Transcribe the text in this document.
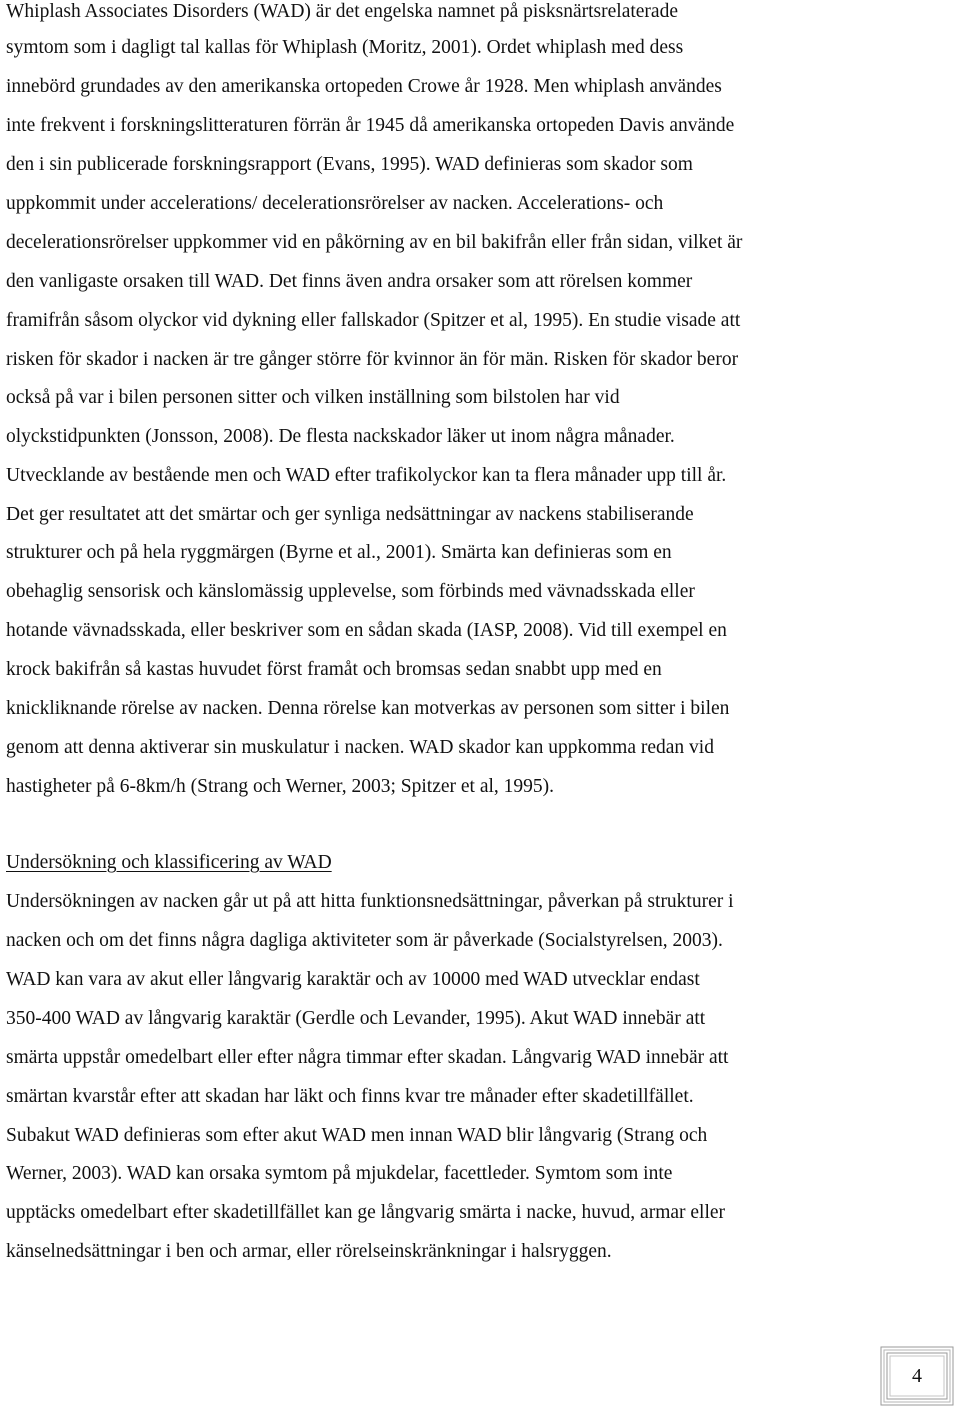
Whiplash Associates Disorders (WAD) är det engelska namnet på pisksnärtsrelaterade
symtom som i dagligt tal kallas för Whiplash (Moritz, 2001). Ordet whiplash med dess
innebörd grundades av den amerikanska ortopeden Crowe år 1928. Men whiplash användes
inte frekvent i forskningslitteraturen förrän år 1945 då amerikanska ortopeden Davis använde
den i sin publicerade forskningsrapport (Evans, 1995). WAD definieras som skador som
uppkommit under accelerations/ decelerationsrörelser av nacken. Accelerations- och
decelerationsrörelser uppkommer vid en påkörning av en bil bakifrån eller från sidan, vilket är
den vanligaste orsaken till WAD. Det finns även andra orsaker som att rörelsen kommer
framifrån såsom olyckor vid dykning eller fallskador (Spitzer et al, 1995). En studie visade att
risken för skador i nacken är tre gånger större för kvinnor än för män. Risken för skador beror
också på var i bilen personen sitter och vilken inställning som bilstolen har vid
olyckstidpunkten (Jonsson, 2008). De flesta nackskador läker ut inom några månader.
Utvecklande av bestående men och WAD efter trafikolyckor kan ta flera månader upp till år.
Det ger resultatet att det smärtar och ger synliga nedsättningar av nackens stabiliserande
strukturer och på hela ryggmärgen (Byrne et al., 2001). Smärta kan definieras som en
obehaglig sensorisk och känslomässig upplevelse, som förbinds med vävnadsskada eller
hotande vävnadsskada, eller beskriver som en sådan skada (IASP, 2008). Vid till exempel en
krock bakifrån så kastas huvudet först framåt och bromsas sedan snabbt upp med en
knickliknande rörelse av nacken. Denna rörelse kan motverkas av personen som sitter i bilen
genom att denna aktiverar sin muskulatur i nacken. WAD skador kan uppkomma redan vid
hastigheter på 6-8km/h (Strang och Werner, 2003; Spitzer et al, 1995).
Undersökning och klassificering av WAD
Undersökningen av nacken går ut på att hitta funktionsnedsättningar, påverkan på strukturer i
nacken och om det finns några dagliga aktiviteter som är påverkade (Socialstyrelsen, 2003).
WAD kan vara av akut eller långvarig karaktär och av 10000 med WAD utvecklar endast
350-400 WAD av långvarig karaktär (Gerdle och Levander, 1995). Akut WAD innebär att
smärta uppstår omedelbart eller efter några timmar efter skadan. Långvarig WAD innebär att
smärtan kvarstår efter att skadan har läkt och finns kvar tre månader efter skadetillfället.
Subakut WAD definieras som efter akut WAD men innan WAD blir långvarig (Strang och
Werner, 2003). WAD kan orsaka symtom på mjukdelar, facettleder. Symtom som inte
upptäcks omedelbart efter skadetillfället kan ge långvarig smärta i nacke, huvud, armar eller
känselnedsättningar i ben och armar, eller rörelseinskränkningar i halsryggen.
4
